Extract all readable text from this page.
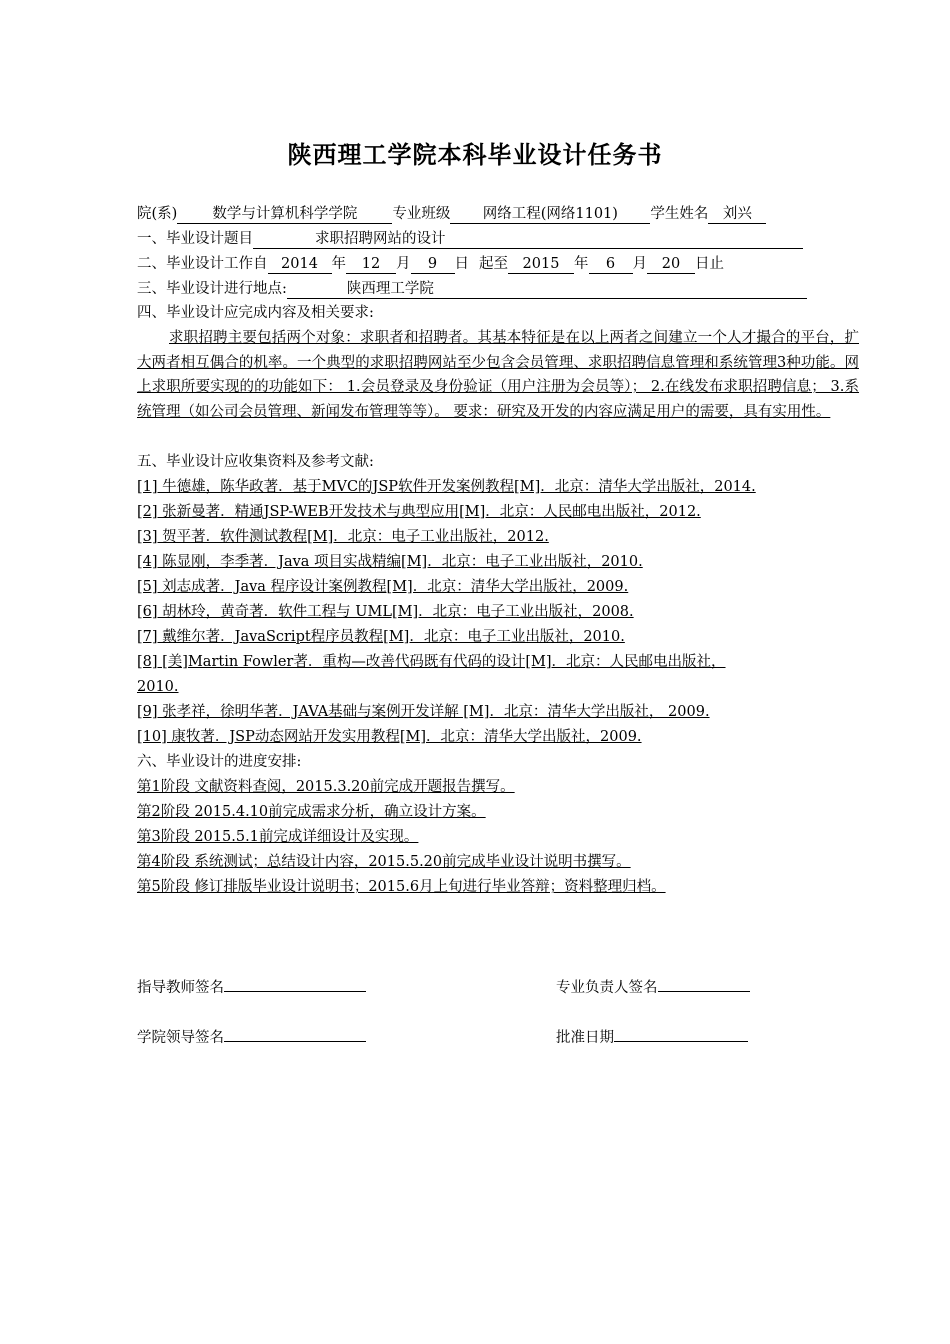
陕西理工学院本科毕业设计任务书
院(系) 数学与计算机科学学院 专业班级 网络工程(网络1101) 学生姓名 刘兴
一、毕业设计题目	求职招聘网站的设计
二、毕业设计工作自 2014 年 12 月 9 日 起至 2015 年 6 月 20 日止
三、毕业设计进行地点:	陕西理工学院
四、毕业设计应完成内容及相关要求:
求职招聘主要包括两个对象：求职者和招聘者。其基本特征是在以上两者之间建立一个人才撮合的平台，扩大两者相互偶合的机率。一个典型的求职招聘网站至少包含会员管理、求职招聘信息管理和系统管理3种功能。网上求职所要实现的的功能如下： 1.会员登录及身份验证（用户注册为会员等）； 2.在线发布求职招聘信息； 3.系统管理（如公司会员管理、新闻发布管理等等）。 要求：研究及开发的内容应满足用户的需要，具有实用性。
五、毕业设计应收集资料及参考文献:
[1] 牛德雄，陈华政著．基于MVC的JSP软件开发案例教程[M]．北京：清华大学出版社，2014.
[2] 张新曼著．精通JSP-WEB开发技术与典型应用[M]．北京：人民邮电出版社，2012.
[3] 贺平著．软件测试教程[M]．北京：电子工业出版社，2012.
[4] 陈显刚，李季著．Java 项目实战精编[M]．北京：电子工业出版社，2010.
[5] 刘志成著．Java 程序设计案例教程[M]．北京：清华大学出版社，2009.
[6] 胡林玲，黄奇著．软件工程与 UML[M]．北京：电子工业出版社，2008.
[7] 戴维尔著．JavaScript程序员教程[M]．北京：电子工业出版社，2010.
[8] [美]Martin Fowler著．重构—改善代码既有代码的设计[M]．北京：人民邮电出版社，
2010.
[9] 张孝祥，徐明华著．JAVA基础与案例开发详解 [M]．北京：清华大学出版社， 2009.
[10] 康牧著．JSP动态网站开发实用教程[M]．北京：清华大学出版社，2009.
六、毕业设计的进度安排:
第1阶段 文献资料查阅，2015.3.20前完成开题报告撰写。
第2阶段 2015.4.10前完成需求分析，确立设计方案。
第3阶段 2015.5.1前完成详细设计及实现。
第4阶段 系统测试；总结设计内容，2015.5.20前完成毕业设计说明书撰写。
第5阶段 修订排版毕业设计说明书；2015.6月上旬进行毕业答辩；资料整理归档。
指导教师签名	专业负责人签名
学院领导签名	批准日期
